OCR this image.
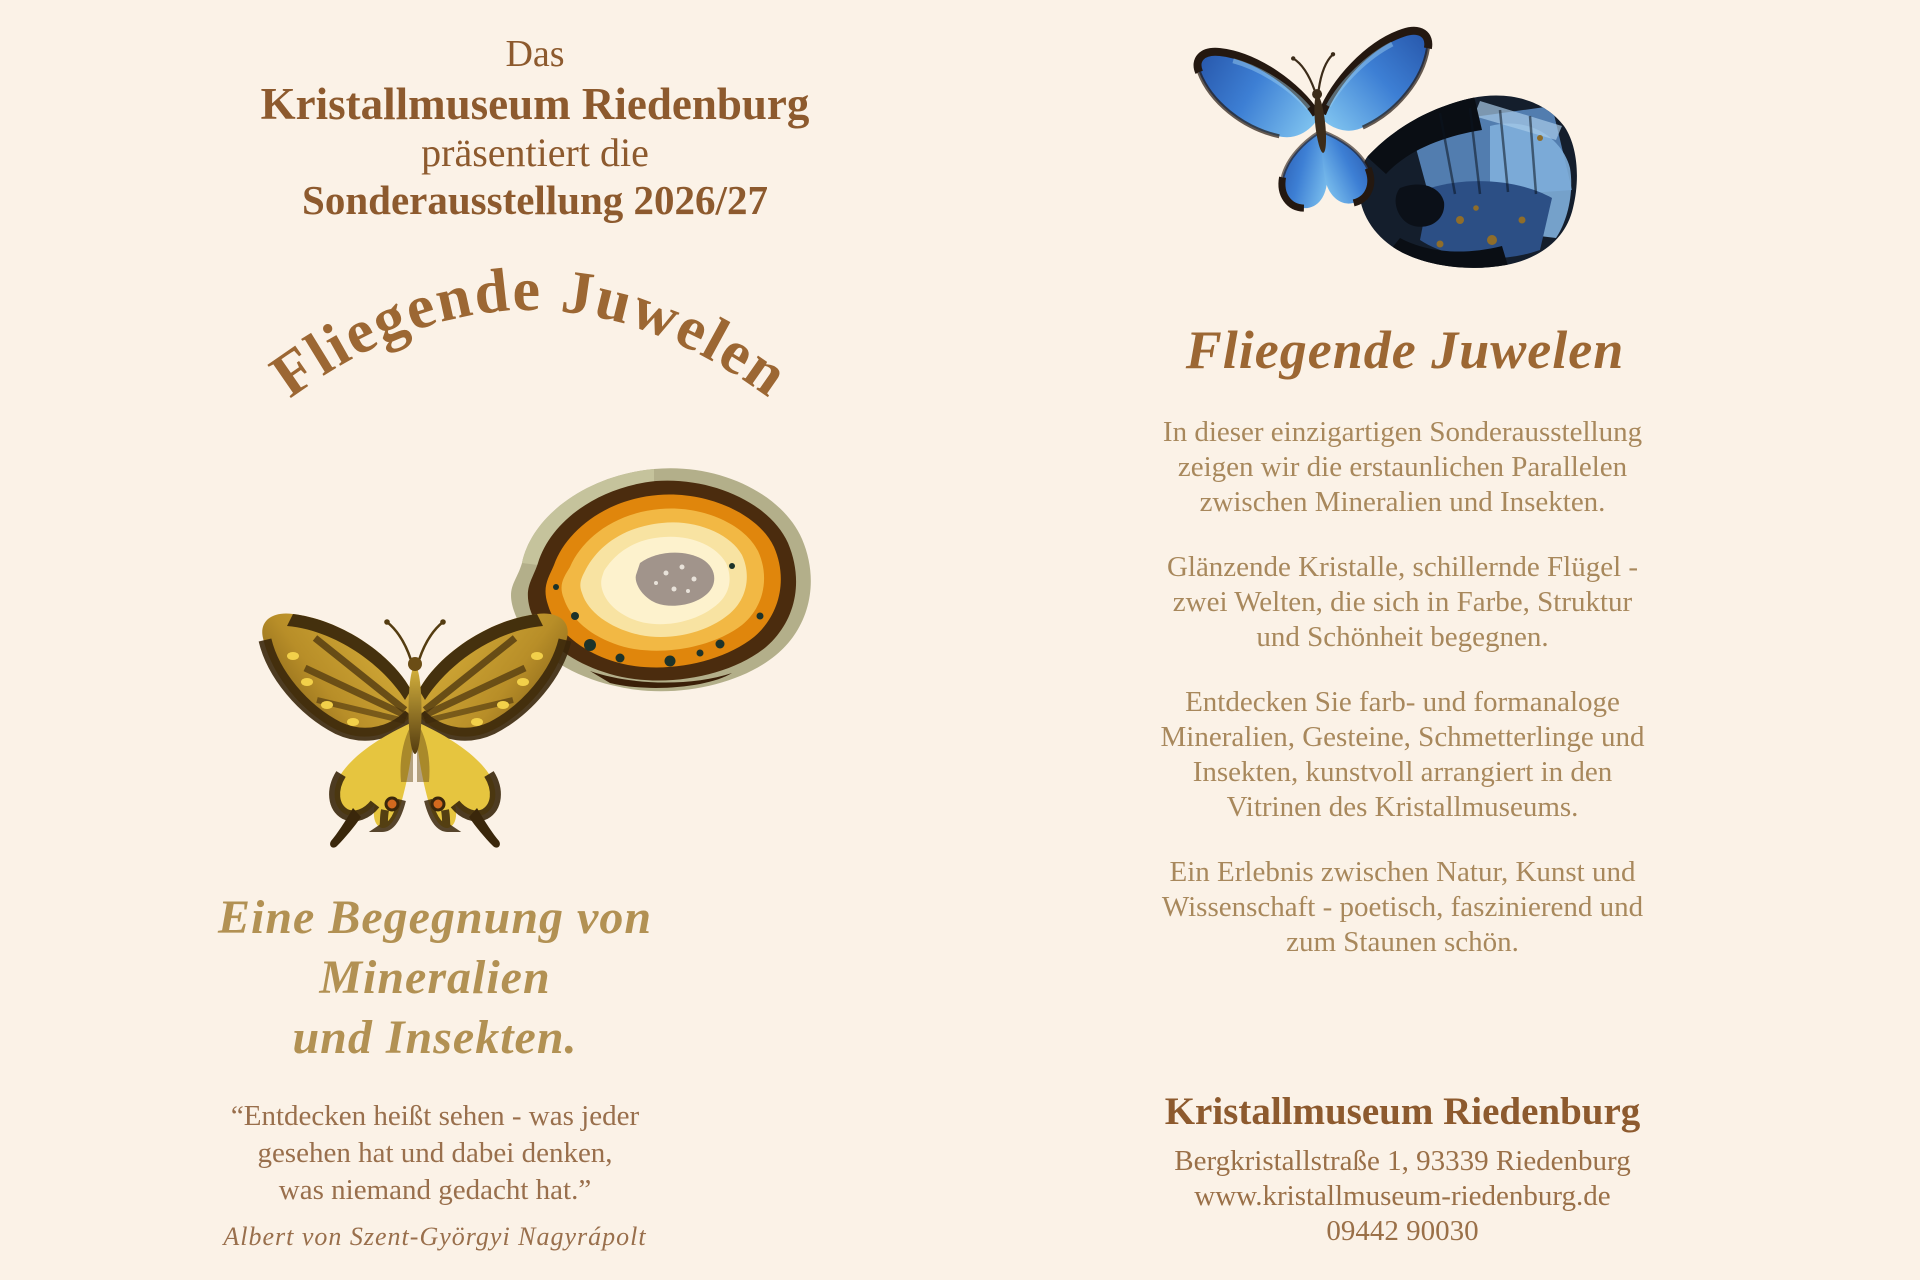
Das
Kristallmuseum Riedenburg
präsentiert die
Sonderausstellung 2026/27
Fliegende Juwelen
Eine Begegnung von Mineralien
und Insekten.
“Entdecken heißt sehen - was jeder
gesehen hat und dabei denken,
was niemand gedacht hat.”
Albert von Szent-Györgyi Nagyrápolt
Fliegende Juwelen
In dieser einzigartigen Sonderausstellung
zeigen wir die erstaunlichen Parallelen
zwischen Mineralien und Insekten.
Glänzende Kristalle, schillernde Flügel -
zwei Welten, die sich in Farbe, Struktur
und Schönheit begegnen.
Entdecken Sie farb- und formanaloge
Mineralien, Gesteine, Schmetterlinge und
Insekten, kunstvoll arrangiert in den
Vitrinen des Kristallmuseums.
Ein Erlebnis zwischen Natur, Kunst und
Wissenschaft - poetisch, faszinierend und
zum Staunen schön.
Kristallmuseum Riedenburg
Bergkristallstraße 1, 93339 Riedenburg
www.kristallmuseum-riedenburg.de
09442 90030
